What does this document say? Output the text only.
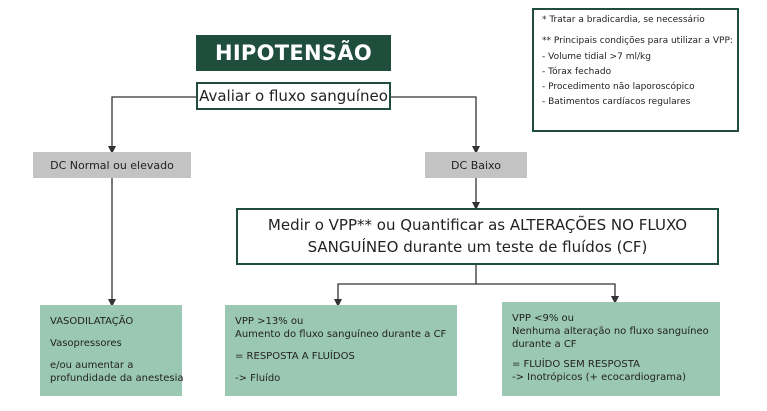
HIPOTENSÃO
Avaliar o fluxo sanguíneo
* Tratar a bradicardia, se necessário
** Principais condições para utilizar a VPP:
- Volume tidial >7 ml/kg
- Tórax fechado
- Procedimento não laporoscópico
- Batimentos cardíacos regulares
DC Normal ou elevado	DC Baixo
Medir o VPP** ou Quantificar as ALTERAÇÕES NO FLUXO
SANGUÍNEO durante um teste de fluídos (CF)
VASODILATAÇÃO
Vasopressores
e/ou aumentar a
profundidade da anestesia
VPP >13% ou
Aumento do fluxo sanguíneo durante a CF
= RESPOSTA A FLUÍDOS
-> Fluído
VPP <9% ou
Nenhuma alteração no fluxo sanguíneo
durante a CF
= FLUÍDO SEM RESPOSTA
-> Inotrópicos (+ ecocardiograma)
